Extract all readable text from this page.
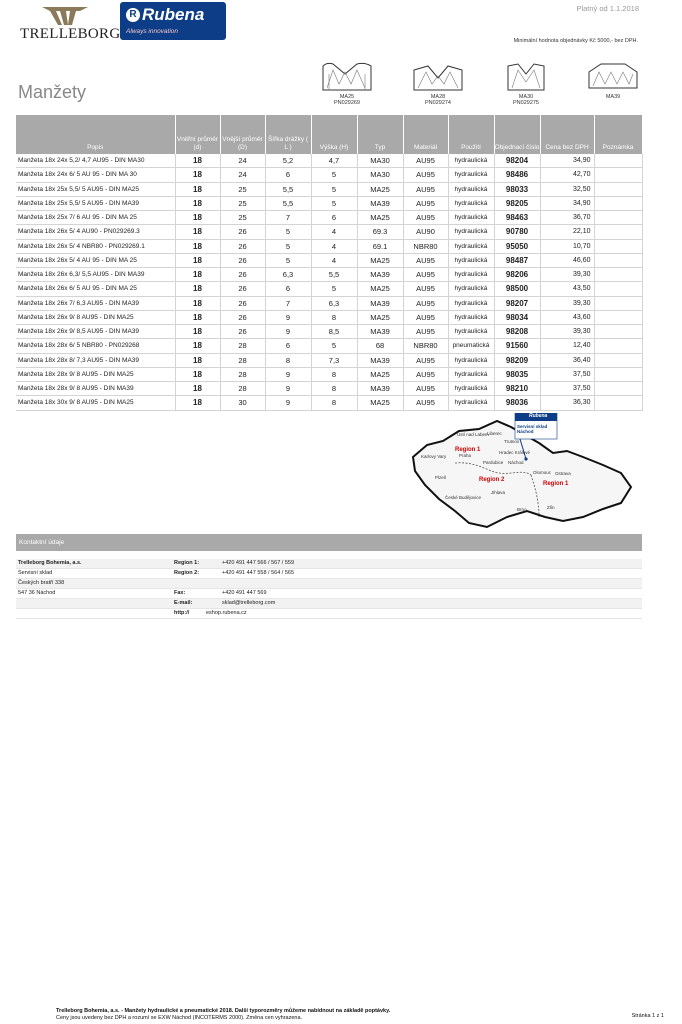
Platný od 1.1.2018
TRELLEBORG
R Rubena
Always innovation
Minimální hodnota objednávky Kč 5000,- bez DPH.
Manžety	MA25
PN029269
MA28
PN029274
MA30
PN029275
MA39
Popis	Vnitřní průměr (d)	Vnější průměr (D)	Šířka drážky ( L )	Výška (H)	Typ	Materiál	Použití	Objednací číslo	Cena bez DPH	Poznámka
Manžeta 18x 24x 5,2/ 4,7 AU95 - DIN MA30	18	24	5,2	4,7	MA30	AU95	hydraulická	98204	34,90	
Manžeta 18x 24x 6/ 5 AU 95 - DIN MA 30	18	24	6	5	MA30	AU95	hydraulická	98486	42,70	
Manžeta 18x 25x 5,5/ 5 AU95 - DIN MA25	18	25	5,5	5	MA25	AU95	hydraulická	98033	32,50	
Manžeta 18x 25x 5,5/ 5 AU95 - DIN MA39	18	25	5,5	5	MA39	AU95	hydraulická	98205	34,90	
Manžeta 18x 25x 7/ 6 AU 95 - DIN MA 25	18	25	7	6	MA25	AU95	hydraulická	98463	36,70	
Manžeta 18x 26x 5/ 4 AU90 - PN029269.3	18	26	5	4	69.3	AU90	hydraulická	90780	22,10	
Manžeta 18x 26x 5/ 4 NBR80 - PN029269.1	18	26	5	4	69.1	NBR80	hydraulická	95050	10,70	
Manžeta 18x 26x 5/ 4 AU 95 - DIN MA 25	18	26	5	4	MA25	AU95	hydraulická	98487	46,60	
Manžeta 18x 26x 6,3/ 5,5 AU95 - DIN MA39	18	26	6,3	5,5	MA39	AU95	hydraulická	98206	39,30	
Manžeta 18x 26x 6/ 5 AU 95 - DIN MA 25	18	26	6	5	MA25	AU95	hydraulická	98500	43,50	
Manžeta 18x 26x 7/ 6,3 AU95 - DIN MA39	18	26	7	6,3	MA39	AU95	hydraulická	98207	39,30	
Manžeta 18x 26x 9/ 8 AU95 - DIN MA25	18	26	9	8	MA25	AU95	hydraulická	98034	43,60	
Manžeta 18x 26x 9/ 8,5 AU95 - DIN MA39	18	26	9	8,5	MA39	AU95	hydraulická	98208	39,30	
Manžeta 18x 28x 6/ 5 NBR80 - PN029268	18	28	6	5	68	NBR80	pneumatická	91560	12,40	
Manžeta 18x 28x 8/ 7,3 AU95 - DIN MA39	18	28	8	7,3	MA39	AU95	hydraulická	98209	36,40	
Manžeta 18x 28x 9/ 8 AU95 - DIN MA25	18	28	9	8	MA25	AU95	hydraulická	98035	37,50	
Manžeta 18x 28x 9/ 8 AU95 - DIN MA39	18	28	9	8	MA39	AU95	hydraulická	98210	37,50	
Manžeta 18x 30x 9/ 8 AU95 - DIN MA25	18	30	9	8	MA25	AU95	hydraulická	98036	36,30	
Rubena
Servisní sklad Náchod
Ústí nad Labem
Liberec
Trutnov
Karlovy Vary	Praha
Hradec Králové
Náchod
Pardubice
Olomouc Ostrava
Plzeň
Jihlava
České Budějovice
Brno	Zlín
Region 1
Region 2
Region 1
Kontaktní údaje
Trelleborg Bohemia, a.s.	Region 1:	+420 491 447 566 / 567 / 559
Servisní sklad	Region 2:	+420 491 447 558 / 564 / 565
Českých bratří 338
547 36 Náchod	Fax:	+420 491 447 569
E-mail:	sklad@trelleborg.com
http://	eshop.rubena.cz
Trelleborg Bohemia, a.s. - Manžety hydraulické a pneumatické 2018. Další typorozměry můžeme nabídnout na základě poptávky.
Ceny jsou uvedeny bez DPH a rozumí se EXW Náchod (INCOTERMS 2000). Změna cen vyhrazena.	Stránka 1 z 1
